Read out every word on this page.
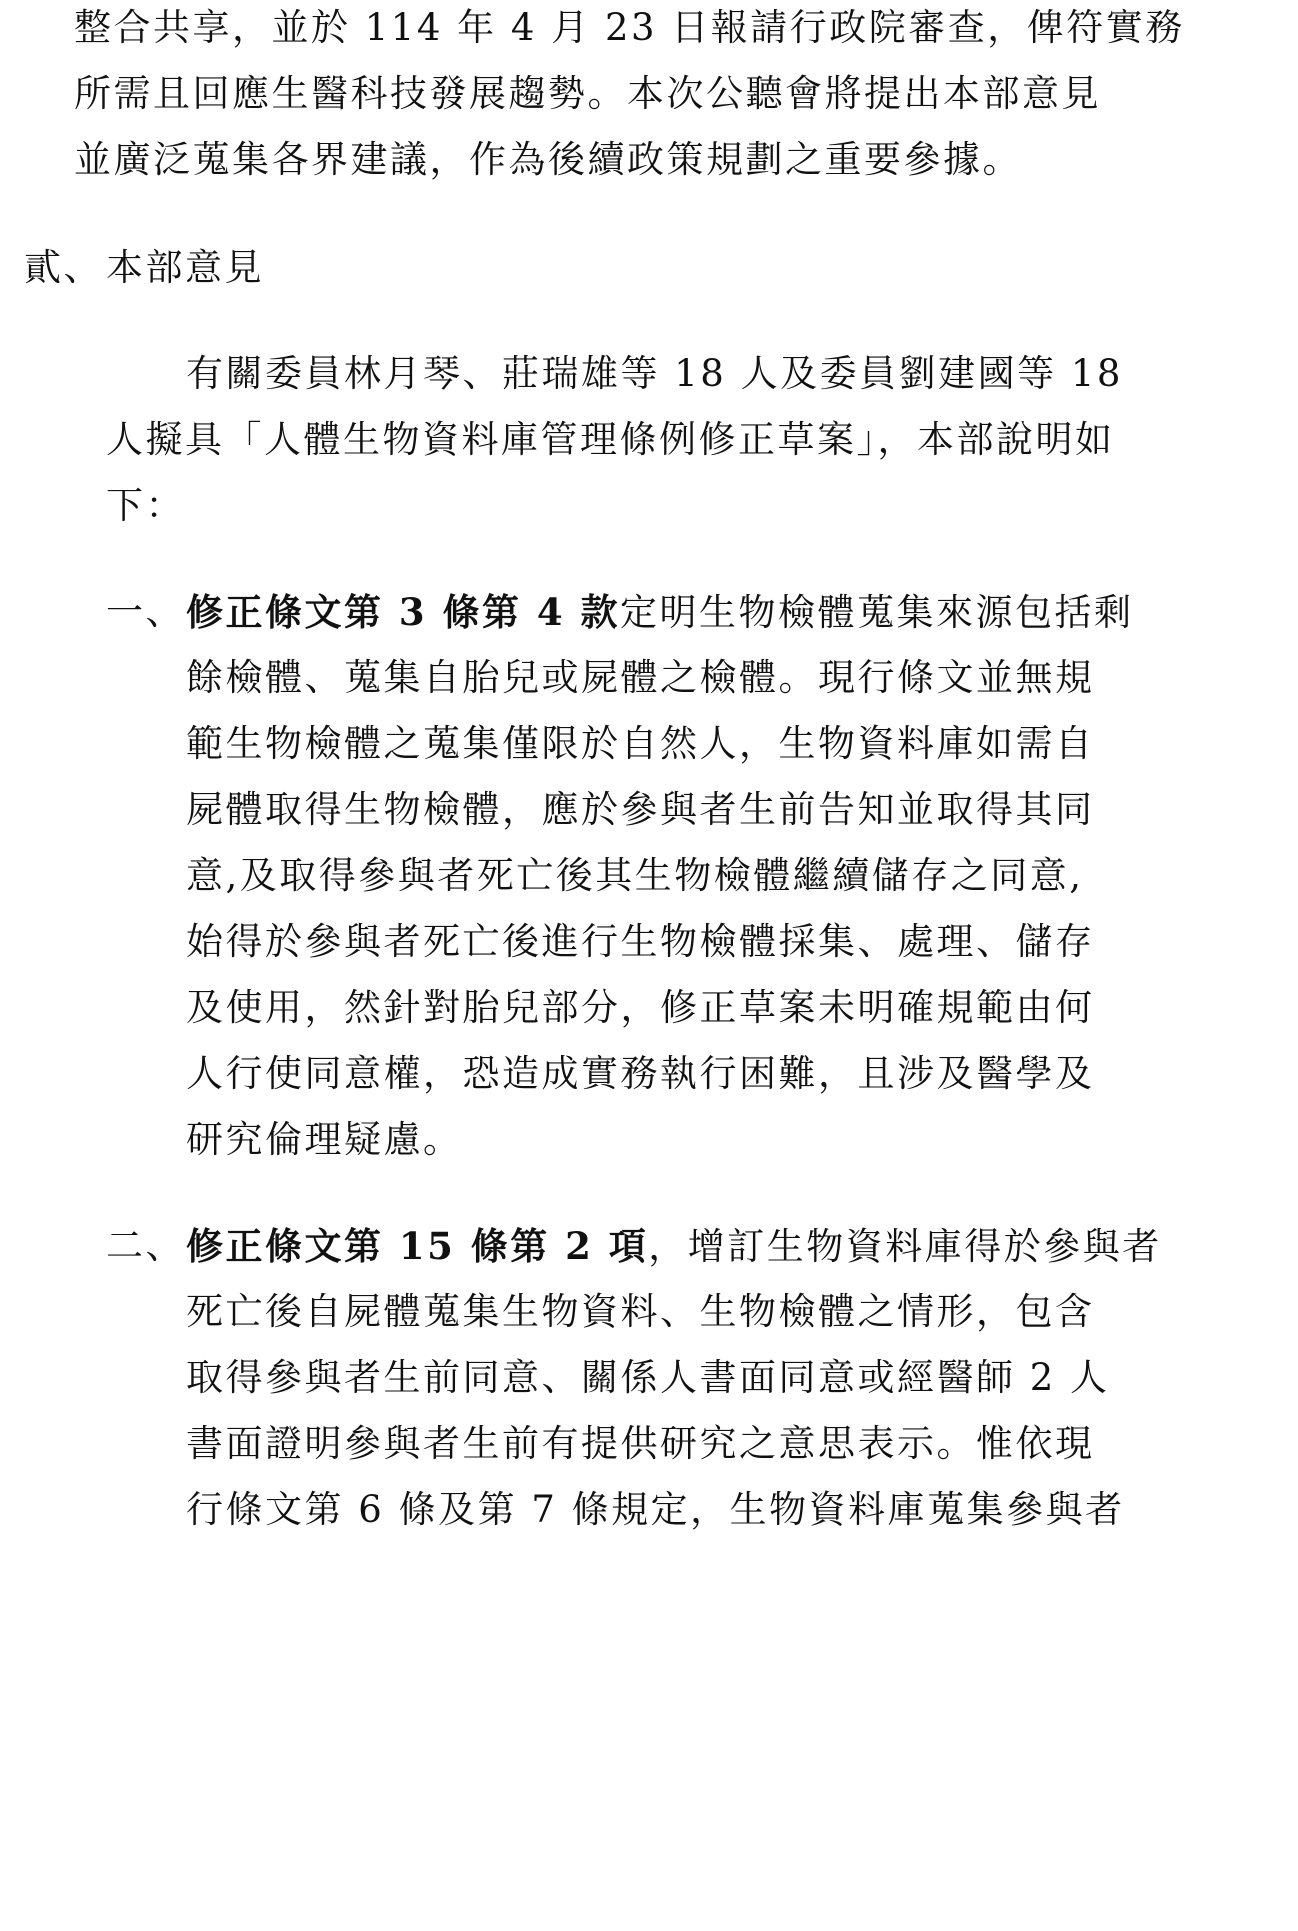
整合共享，並於 114 年 4 月 23 日報請行政院審查，俾符實務
所需且回應生醫科技發展趨勢。本次公聽會將提出本部意見
並廣泛蒐集各界建議，作為後續政策規劃之重要參據。
貳、 本部意見
有關委員林月琴、莊瑞雄等 18 人及委員劉建國等 18
人擬具「人體生物資料庫管理條例修正草案」，本部說明如
下：
一、 修正條文第 3 條第 4 款定明生物檢體蒐集來源包括剩
餘檢體、蒐集自胎兒或屍體之檢體。現行條文並無規
範生物檢體之蒐集僅限於自然人，生物資料庫如需自
屍體取得生物檢體，應於參與者生前告知並取得其同
意,及取得參與者死亡後其生物檢體繼續儲存之同意,
始得於參與者死亡後進行生物檢體採集、處理、儲存
及使用，然針對胎兒部分，修正草案未明確規範由何
人行使同意權，恐造成實務執行困難，且涉及醫學及
研究倫理疑慮。
二、 修正條文第 15 條第 2 項，增訂生物資料庫得於參與者
死亡後自屍體蒐集生物資料、生物檢體之情形，包含
取得參與者生前同意、關係人書面同意或經醫師 2 人
書面證明參與者生前有提供研究之意思表示。惟依現
行條文第 6 條及第 7 條規定，生物資料庫蒐集參與者
